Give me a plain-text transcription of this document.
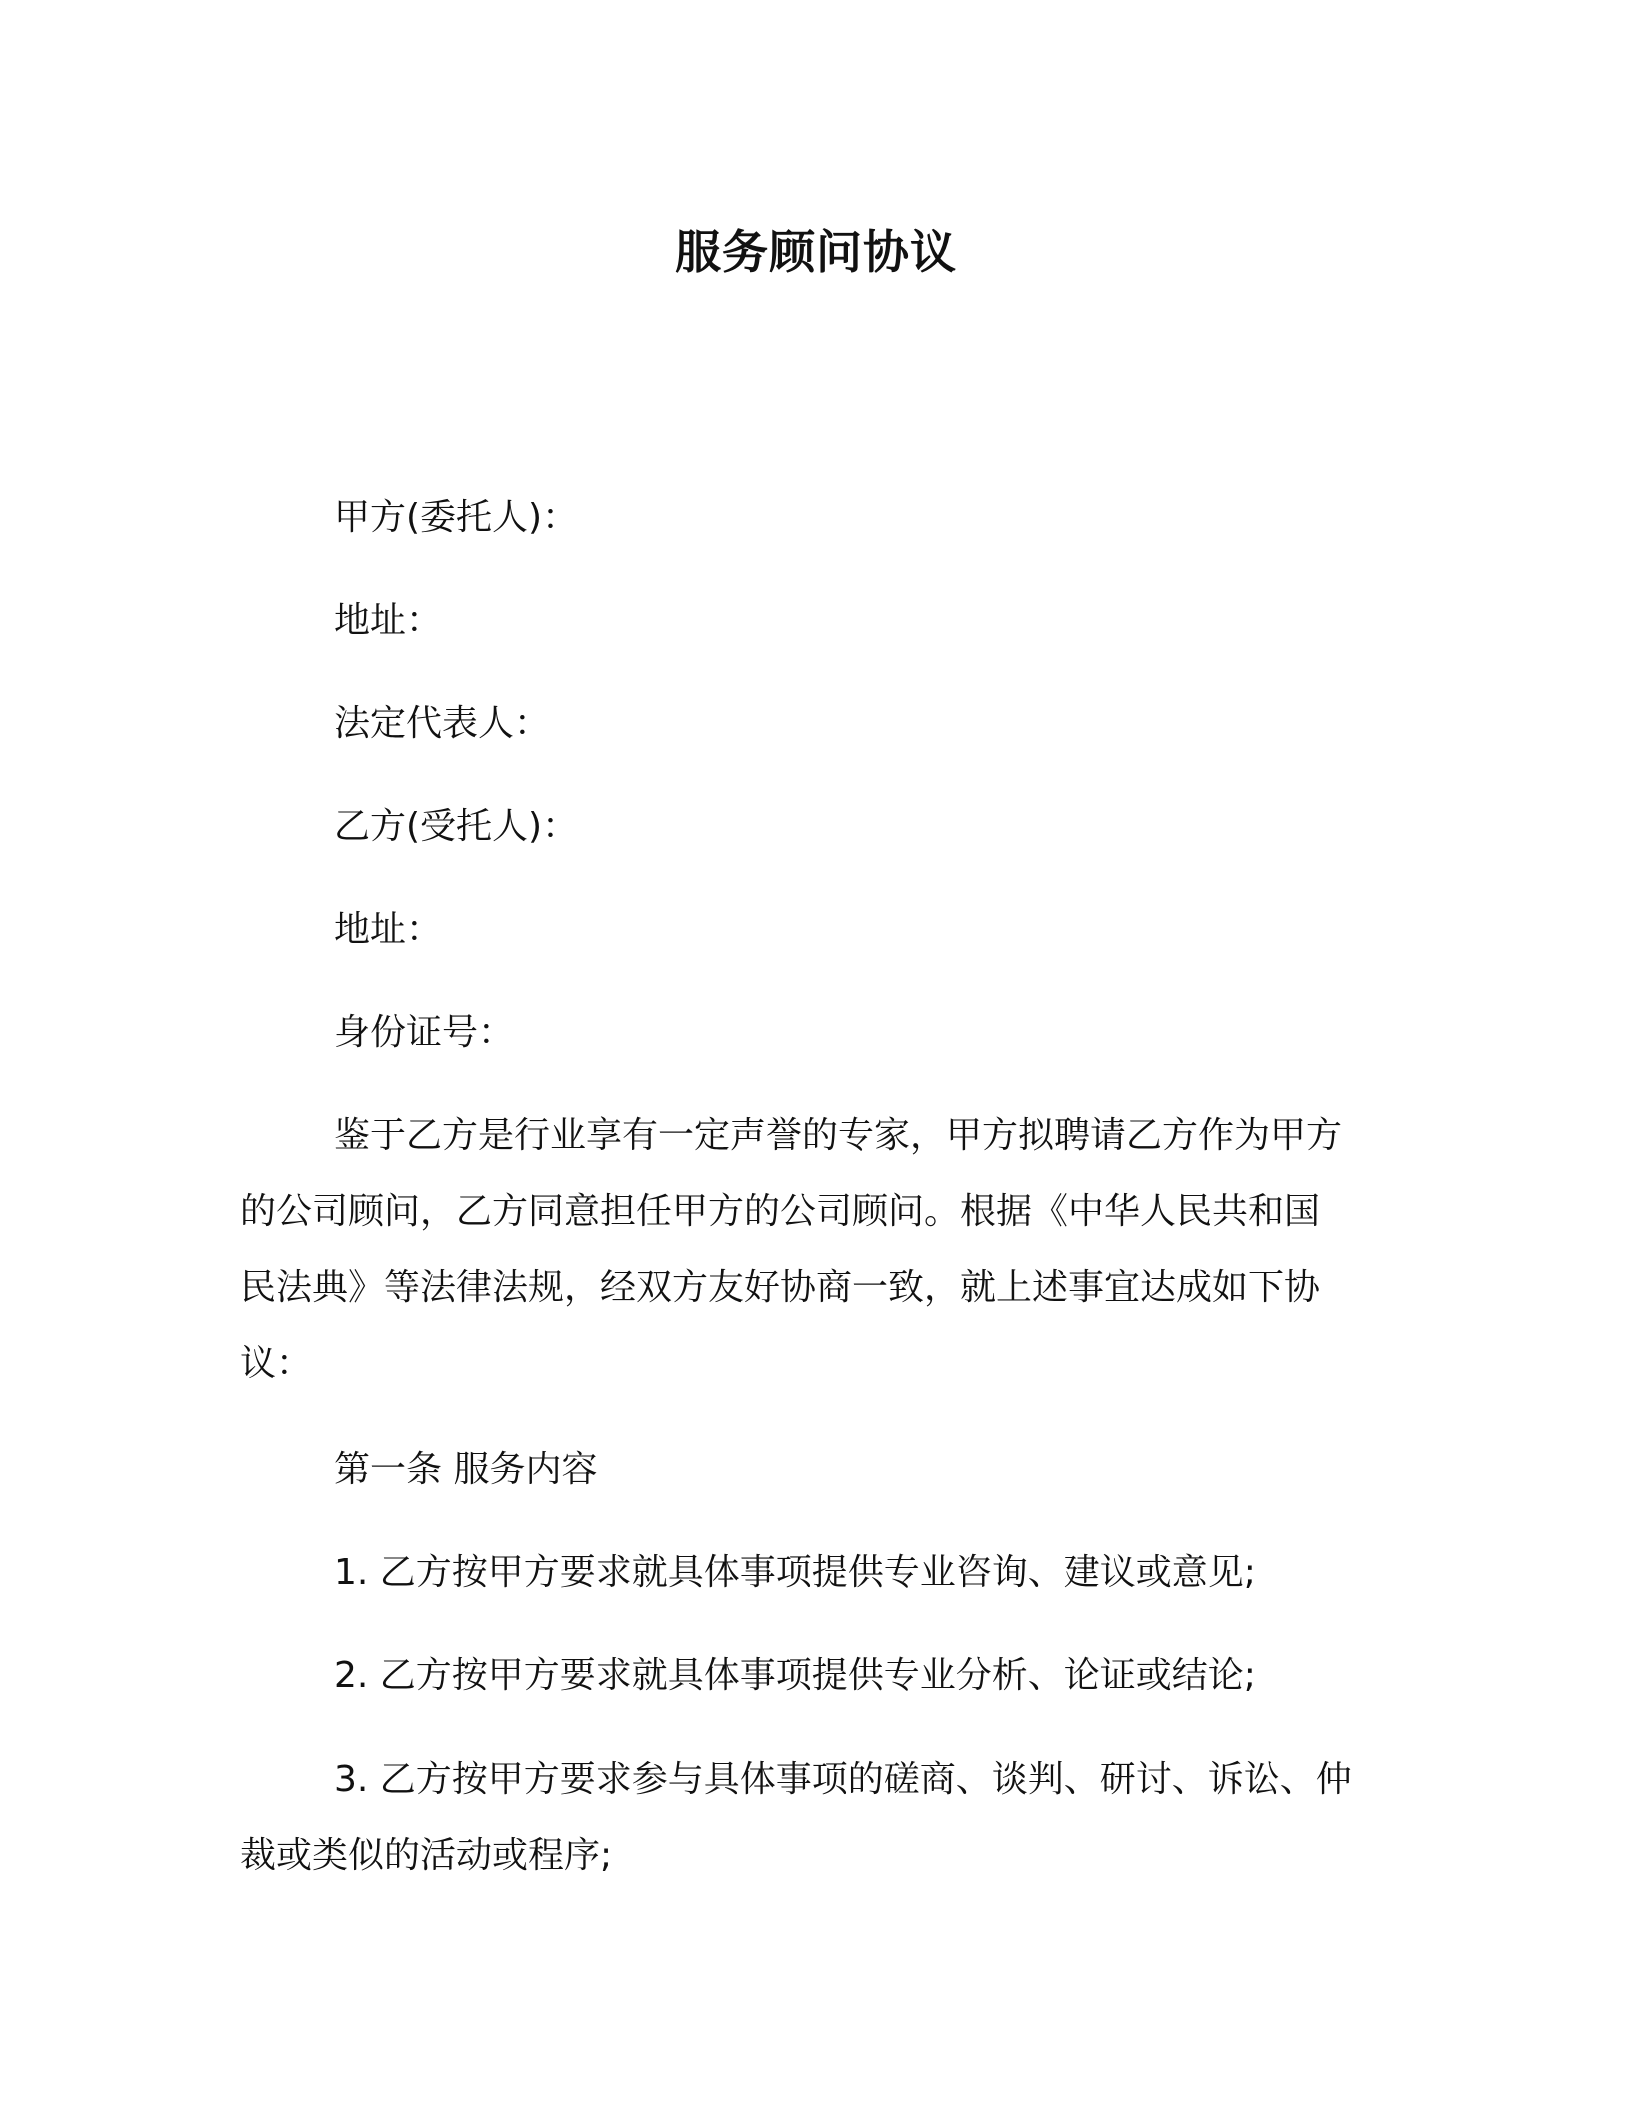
服务顾问协议
甲方(委托人)：
地址：
法定代表人：
乙方(受托人)：
地址：
身份证号：
鉴于乙方是行业享有一定声誉的专家，甲方拟聘请乙方作为甲方
的公司顾问，乙方同意担任甲方的公司顾问。根据《中华人民共和国
民法典》等法律法规，经双方友好协商一致，就上述事宜达成如下协
议：
第一条 服务内容
1. 乙方按甲方要求就具体事项提供专业咨询、建议或意见;
2. 乙方按甲方要求就具体事项提供专业分析、论证或结论;
3. 乙方按甲方要求参与具体事项的磋商、谈判、研讨、诉讼、仲
裁或类似的活动或程序;
